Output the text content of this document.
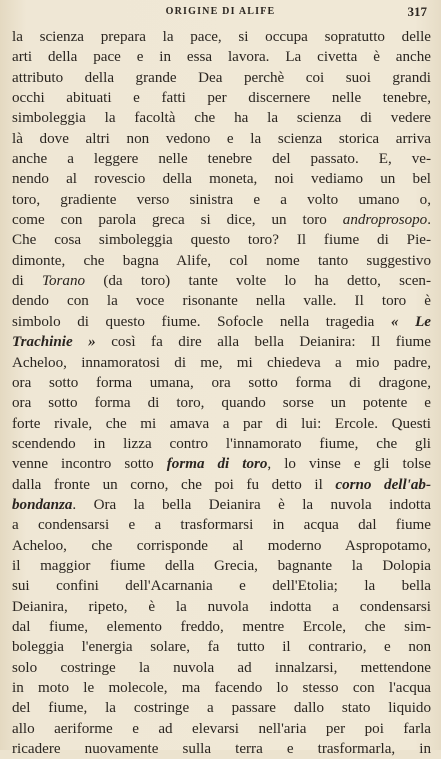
ORIGINE DI ALIFE	317
la scienza prepara la pace, si occupa sopratutto delle
arti della pace e in essa lavora. La civetta è anche
attributo della grande Dea perchè coi suoi grandi
occhi abituati e fatti per discernere nelle tenebre,
simboleggia la facoltà che ha la scienza di vedere
là dove altri non vedono e la scienza storica arriva
anche a leggere nelle tenebre del passato. E, ve-
nendo al rovescio della moneta, noi vediamo un bel
toro, gradiente verso sinistra e a volto umano o,
come con parola greca si dice, un toro androprosopo.
Che cosa simboleggia questo toro? Il fiume di Pie-
dimonte, che bagna Alife, col nome tanto suggestivo
di Torano (da toro) tante volte lo ha detto, scen-
dendo con la voce risonante nella valle. Il toro è
simbolo di questo fiume. Sofocle nella tragedia « Le
Trachinie » così fa dire alla bella Deianira: Il fiume
Acheloo, innamoratosi di me, mi chiedeva a mio padre,
ora sotto forma umana, ora sotto forma di dragone,
ora sotto forma di toro, quando sorse un potente e
forte rivale, che mi amava a par di lui: Ercole. Questi
scendendo in lizza contro l'innamorato fiume, che gli
venne incontro sotto forma di toro, lo vinse e gli tolse
dalla fronte un corno, che poi fu detto il corno dell'ab-
bondanza. Ora la bella Deianira è la nuvola indotta
a condensarsi e a trasformarsi in acqua dal fiume
Acheloo, che corrisponde al moderno Aspropotamo,
il maggior fiume della Grecia, bagnante la Dolopia
sui confini dell'Acarnania e dell'Etolia; la bella
Deianira, ripeto, è la nuvola indotta a condensarsi
dal fiume, elemento freddo, mentre Ercole, che sim-
boleggia l'energia solare, fa tutto il contrario, e non
solo costringe la nuvola ad innalzarsi, mettendone
in moto le molecole, ma facendo lo stesso con l'acqua
del fiume, la costringe a passare dallo stato liquido
allo aeriforme e ad elevarsi nell'aria per poi farla
ricadere nuovamente sulla terra e trasformarla, in
